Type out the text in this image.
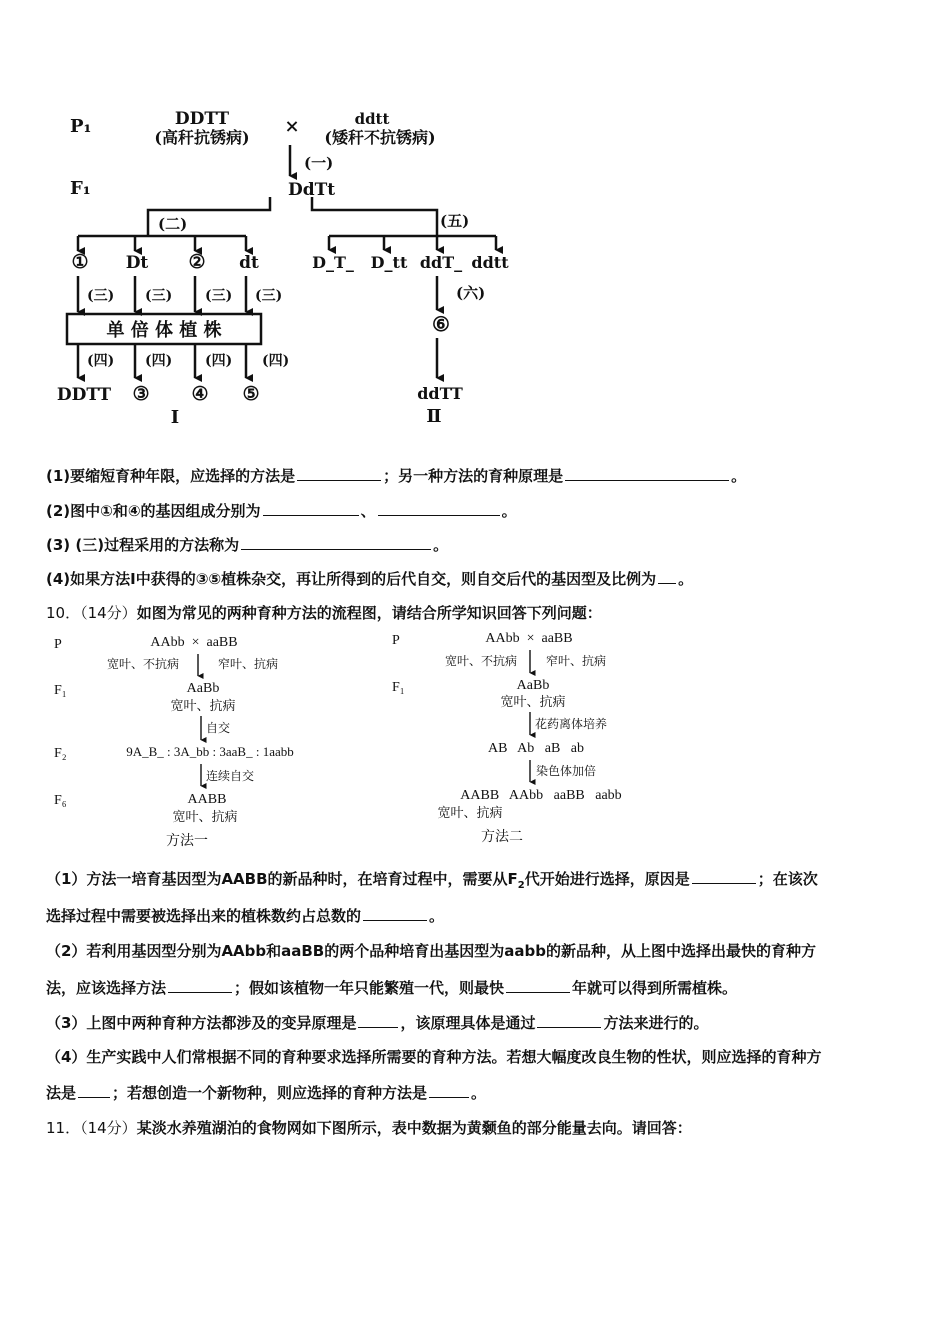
P₁
F₁
DDTT
(高秆抗锈病)
×	ddtt
(矮秆不抗锈病)
(一)
DdTt
(二)
① Dt ② dt
(三) (三) (三) (三)
单 倍 体 植 株
(四) (四) (四) (四)
DDTT ③ ④ ⑤
Ⅰ
(五)
D_T_ D_tt ddT_ ddtt
⑥
(六)
ddTT
Ⅱ
(1)要缩短育种年限，应选择的方法是	；另一种方法的育种原理是	。
(2)图中①和④的基因组成分别为	、	。
(3) (三)过程采用的方法称为	。
(4)如果方法Ⅰ中获得的③⑤植株杂交，再让所得到的后代自交，则自交后代的基因型及比例为 。
10．（14分）如图为常见的两种育种方法的流程图，请结合所学知识回答下列问题：
P
F₁
F₂
F₆
AAbb  ×  aaBB
宽叶、不抗病	窄叶、抗病
AaBb
宽叶、抗病
自交
9A_B_ : 3A_bb : 3aaB_ : 1aabb
连续自交
AABB
宽叶、抗病
方法一
P
F₁
AAbb  ×  aaBB
宽叶、不抗病 窄叶、抗病
AaBb
宽叶、抗病
花药离体培养
AB   Ab   aB   ab
染色体加倍
AABB   AAbb   aaBB   aabb
宽叶、抗病
方法二
（1）方法一培育基因型为AABB的新品种时，在培育过程中，需要从$F_2$代开始进行选择，原因是	；在该次
选择过程中需要被选择出来的植株数约占总数的	。
（2）若利用基因型分别为AAbb和aaBB的两个品种培育出基因型为aabb的新品种，从上图中选择出最快的育种方
法，应该选择方法	；假如该植物一年只能繁殖一代，则最快	年就可以得到所需植株。
（3）上图中两种育种方法都涉及的变异原理是	，该原理具体是通过	方法来进行的。
（4）生产实践中人们常根据不同的育种要求选择所需要的育种方法。若想大幅度改良生物的性状，则应选择的育种方
法是 ；若想创造一个新物种，则应选择的育种方法是	。
11．（14分）某淡水养殖湖泊的食物网如下图所示，表中数据为黄颡鱼的部分能量去向。请回答：
